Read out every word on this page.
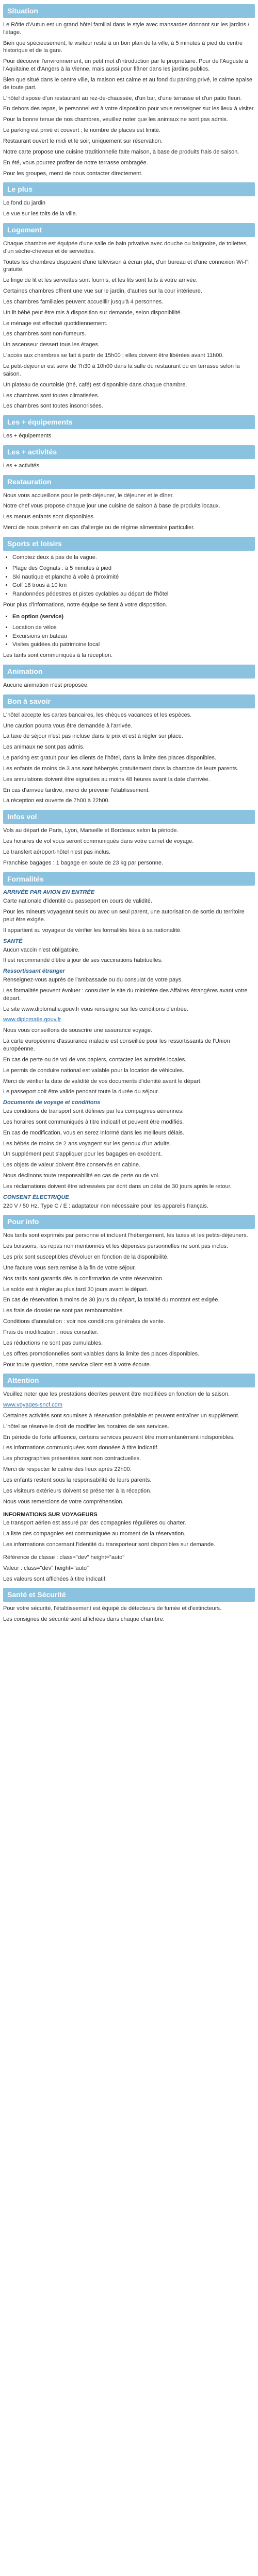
Situation

Le Rôtie d'Autun est un grand hôtel familial dans le style avec mansardes donnant sur les jardins / l'étage.

Bien que spécieusement, le visiteur reste à un bon plan de la ville, à 5 minutes à pied du centre historique et de la gare.

Pour découvrir l'environnement, un petit mot d'introduction par le propriétaire. Pour de l'Auguste à l'Aquitaine et d'Angers à la Vienne, mais aussi pour flâner dans les jardins publics.

Bien que situé dans le centre ville, la maison est calme et au fond du parking privé, le calme apaise de toute part.

L'hôtel dispose d'un restaurant au rez-de-chaussée, d'un bar, d'une terrasse et d'un patio fleuri.

En dehors des repas, le personnel est à votre disposition pour vous renseigner sur les lieux à visiter.

Pour la bonne tenue de nos chambres, veuillez noter que les animaux ne sont pas admis.

Le parking est privé et couvert ; le nombre de places est limité.

Restaurant ouvert le midi et le soir, uniquement sur réservation.

Notre carte propose une cuisine traditionnelle faite maison, à base de produits frais de saison.

En été, vous pourrez profiter de notre terrasse ombragée.

Pour les groupes, merci de nous contacter directement.

Le plus

Le fond du jardin

Le vue sur les toits de la ville.

Logement

Chaque chambre est équipée d'une salle de bain privative avec douche ou baignoire, de toilettes, d'un sèche-cheveux et de serviettes.

Toutes les chambres disposent d'une télévision à écran plat, d'un bureau et d'une connexion Wi-Fi gratuite.

Le linge de lit et les serviettes sont fournis, et les lits sont faits à votre arrivée.

Certaines chambres offrent une vue sur le jardin, d'autres sur la cour intérieure.

Les chambres familiales peuvent accueillir jusqu'à 4 personnes.

Un lit bébé peut être mis à disposition sur demande, selon disponibilité.

Le ménage est effectué quotidiennement.

Les chambres sont non-fumeurs.

Un ascenseur dessert tous les étages.

L'accès aux chambres se fait à partir de 15h00 ; elles doivent être libérées avant 11h00.

Le petit-déjeuner est servi de 7h30 à 10h00 dans la salle du restaurant ou en terrasse selon la saison.

Un plateau de courtoisie (thé, café) est disponible dans chaque chambre.

Les chambres sont toutes climatisées.

Les chambres sont toutes insonorisées.

Les + équipements

Les + équipements

Les + activités

Les + activités

Restauration

Nous vous accueillons pour le petit-déjeuner, le déjeuner et le dîner.

Notre chef vous propose chaque jour une cuisine de saison à base de produits locaux.

Les menus enfants sont disponibles.

Merci de nous prévenir en cas d'allergie ou de régime alimentaire particulier.

Sports et loisirs
• Comptez deux à pas de la vague.
• Plage des Cognats : à 5 minutes à pied
• Ski nautique et planche à voile à proximité
• Golf 18 trous à 10 km
• Randonnées pédestres et pistes cyclables au départ de l'hôtel

Pour plus d'informations, notre équipe se tient à votre disposition.

• En option (service)
• Location de vélos
• Excursions en bateau
• Visites guidées du patrimoine local

Les tarifs sont communiqués à la réception.

Animation

Aucune animation n'est proposée.

Bon à savoir

L'hôtel accepte les cartes bancaires, les chèques vacances et les espèces.

Une caution pourra vous être demandée à l'arrivée.

La taxe de séjour n'est pas incluse dans le prix et est à régler sur place.

Les animaux ne sont pas admis.

Le parking est gratuit pour les clients de l'hôtel, dans la limite des places disponibles.

Les enfants de moins de 3 ans sont hébergés gratuitement dans la chambre de leurs parents.

Les annulations doivent être signalées au moins 48 heures avant la date d'arrivée.

En cas d'arrivée tardive, merci de prévenir l'établissement.

La réception est ouverte de 7h00 à 22h00.

Infos vol

Vols au départ de Paris, Lyon, Marseille et Bordeaux selon la période.

Les horaires de vol vous seront communiqués dans votre carnet de voyage.

Le transfert aéroport-hôtel n'est pas inclus.

Franchise bagages : 1 bagage en soute de 23 kg par personne.

Formalités
ARRIVÉE PAR AVION EN ENTRÉE

Carte nationale d'identité ou passeport en cours de validité.

Pour les mineurs voyageant seuls ou avec un seul parent, une autorisation de sortie du territoire peut être exigée.

Il appartient au voyageur de vérifier les formalités liées à sa nationalité.

SANTÉ

Aucun vaccin n'est obligatoire.

Il est recommandé d'être à jour de ses vaccinations habituelles.

Ressortissant étranger

Renseignez-vous auprès de l'ambassade ou du consulat de votre pays.

Les formalités peuvent évoluer : consultez le site du ministère des Affaires étrangères avant votre départ.

Le site www.diplomatie.gouv.fr vous renseigne sur les conditions d'entrée.

www.diplomatie.gouv.fr

Nous vous conseillons de souscrire une assurance voyage.

La carte européenne d'assurance maladie est conseillée pour les ressortissants de l'Union européenne.

En cas de perte ou de vol de vos papiers, contactez les autorités locales.

Le permis de conduire national est valable pour la location de véhicules.

Merci de vérifier la date de validité de vos documents d'identité avant le départ.

Le passeport doit être valide pendant toute la durée du séjour.

Documents de voyage et conditions

Les conditions de transport sont définies par les compagnies aériennes.

Les horaires sont communiqués à titre indicatif et peuvent être modifiés.

En cas de modification, vous en serez informé dans les meilleurs délais.

Les bébés de moins de 2 ans voyagent sur les genoux d'un adulte.

Un supplément peut s'appliquer pour les bagages en excédent.

Les objets de valeur doivent être conservés en cabine.

Nous déclinons toute responsabilité en cas de perte ou de vol.

Les réclamations doivent être adressées par écrit dans un délai de 30 jours après le retour.

CONSENT ÉLECTRIQUE

220 V / 50 Hz. Type C / E : adaptateur non nécessaire pour les appareils français.

Pour info

Nos tarifs sont exprimés par personne et incluent l'hébergement, les taxes et les petits-déjeuners.

Les boissons, les repas non mentionnés et les dépenses personnelles ne sont pas inclus.

Les prix sont susceptibles d'évoluer en fonction de la disponibilité.

Une facture vous sera remise à la fin de votre séjour.

Nos tarifs sont garantis dès la confirmation de votre réservation.

Le solde est à régler au plus tard 30 jours avant le départ.

En cas de réservation à moins de 30 jours du départ, la totalité du montant est exigée.

Les frais de dossier ne sont pas remboursables.

Conditions d'annulation : voir nos conditions générales de vente.

Frais de modification : nous consulter.

Les réductions ne sont pas cumulables.

Les offres promotionnelles sont valables dans la limite des places disponibles.

Pour toute question, notre service client est à votre écoute.

Attention

Veuillez noter que les prestations décrites peuvent être modifiées en fonction de la saison.

www.voyages-sncf.com

Certaines activités sont soumises à réservation préalable et peuvent entraîner un supplément.

L'hôtel se réserve le droit de modifier les horaires de ses services.

En période de forte affluence, certains services peuvent être momentanément indisponibles.

Les informations communiquées sont données à titre indicatif.

Les photographies présentées sont non contractuelles.

Merci de respecter le calme des lieux après 22h00.

Les enfants restent sous la responsabilité de leurs parents.

Les visiteurs extérieurs doivent se présenter à la réception.

Nous vous remercions de votre compréhension.

INFORMATIONS SUR VOYAGEURS

Le transport aérien est assuré par des compagnies régulières ou charter.

La liste des compagnies est communiquée au moment de la réservation.

Les informations concernant l'identité du transporteur sont disponibles sur demande.

Référence de classe : class="dev" height="auto"

Valeur : class="dev" height="auto"

Les valeurs sont affichées à titre indicatif.

Santé et Sécurité

Pour votre sécurité, l'établissement est équipé de détecteurs de fumée et d'extincteurs.

Les consignes de sécurité sont affichées dans chaque chambre.
